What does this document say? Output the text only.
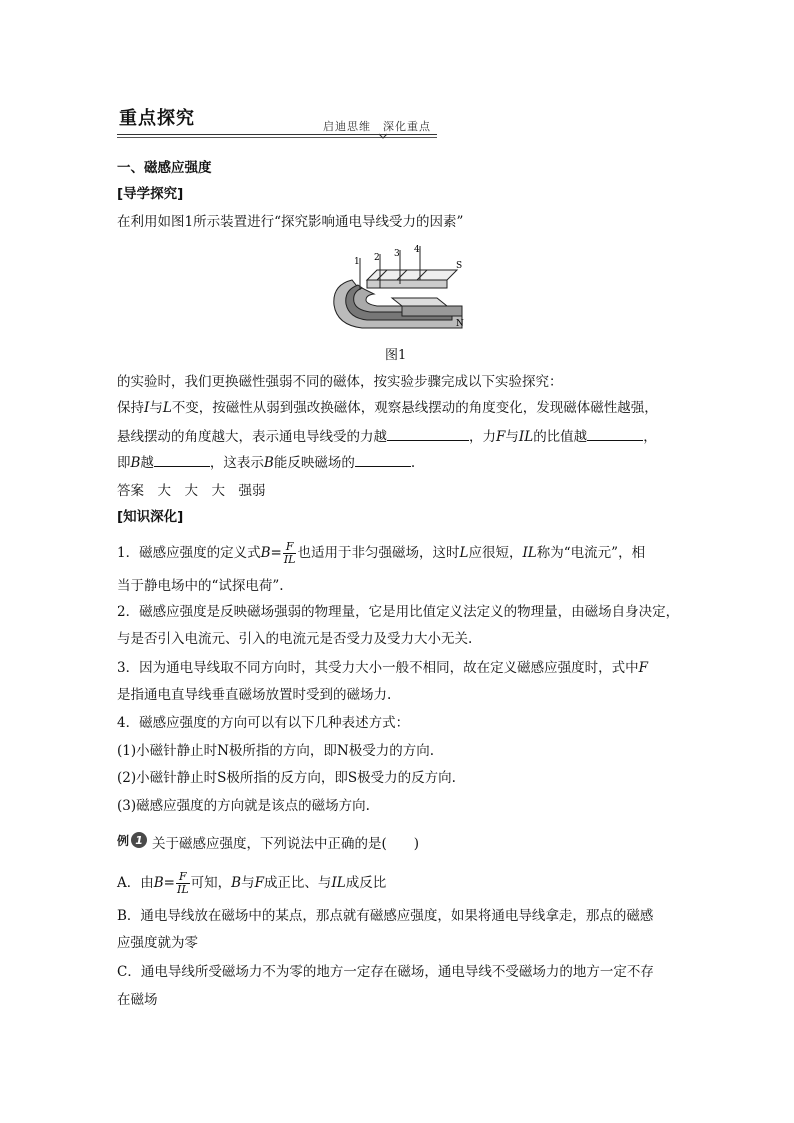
重点探究	启迪思维　深化重点
一、磁感应强度
[导学探究]
在利用如图1所示装置进行“探究影响通电导线受力的因素”
1 2 3 4
S
N
图1
的实验时，我们更换磁性强弱不同的磁体，按实验步骤完成以下实验探究：
保持I与L不变，按磁性从弱到强改换磁体，观察悬线摆动的角度变化，发现磁体磁性越强，
悬线摆动的角度越大，表示通电导线受的力越	，力F与IL的比值越	，
即B越	，这表示B能反映磁场的	.
答案　大　大　大　强弱
[知识深化]
1．磁感应强度的定义式$B= \frac{F}{IL}$ 也适用于非匀强磁场，这时L应很短，IL称为“电流元”，相
当于静电场中的“试探电荷”.
2．磁感应强度是反映磁场强弱的物理量，它是用比值定义法定义的物理量，由磁场自身决定，
与是否引入电流元、引入的电流元是否受力及受力大小无关.
3．因为通电导线取不同方向时，其受力大小一般不相同，故在定义磁感应强度时，式中F
是指通电直导线垂直磁场放置时受到的磁场力.
4．磁感应强度的方向可以有以下几种表述方式：
(1)小磁针静止时N极所指的方向，即N极受力的方向.
(2)小磁针静止时S极所指的反方向，即S极受力的反方向.
(3)磁感应强度的方向就是该点的磁场方向.
例 1 关于磁感应强度，下列说法中正确的是(　　)
A．由$B= \frac{F}{IL}$ 可知，B与F成正比、与IL成反比
B．通电导线放在磁场中的某点，那点就有磁感应强度，如果将通电导线拿走，那点的磁感
应强度就为零
C．通电导线所受磁场力不为零的地方一定存在磁场，通电导线不受磁场力的地方一定不存
在磁场
